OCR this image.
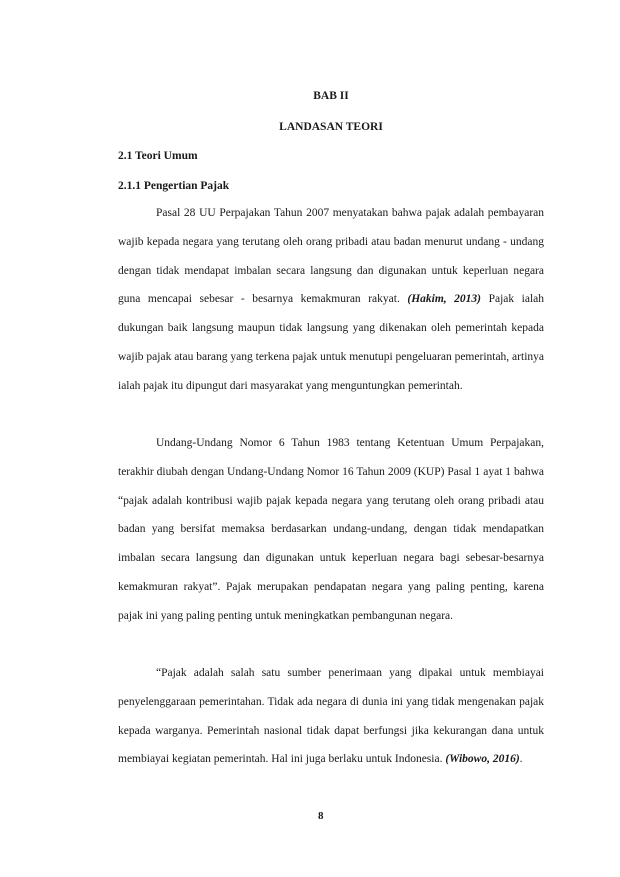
BAB II

LANDASAN TEORI

2.1 Teori Umum

2.1.1 Pengertian Pajak

Pasal 28 UU Perpajakan Tahun 2007 menyatakan bahwa pajak adalah pembayaran wajib kepada negara yang terutang oleh orang pribadi atau badan menurut undang - undang dengan tidak mendapat imbalan secara langsung dan digunakan untuk keperluan negara guna mencapai sebesar - besarnya kemakmuran rakyat. (Hakim, 2013) Pajak ialah dukungan baik langsung maupun tidak langsung yang dikenakan oleh pemerintah kepada wajib pajak atau barang yang terkena pajak untuk menutupi pengeluaran pemerintah, artinya ialah pajak itu dipungut dari masyarakat yang menguntungkan pemerintah.

Undang-Undang Nomor 6 Tahun 1983 tentang Ketentuan Umum Perpajakan, terakhir diubah dengan Undang-Undang Nomor 16 Tahun 2009 (KUP) Pasal 1 ayat 1 bahwa “pajak adalah kontribusi wajib pajak kepada negara yang terutang oleh orang pribadi atau badan yang bersifat memaksa berdasarkan undang-undang, dengan tidak mendapatkan imbalan secara langsung dan digunakan untuk keperluan negara bagi sebesar-besarnya kemakmuran rakyat”. Pajak merupakan pendapatan negara yang paling penting, karena pajak ini yang paling penting untuk meningkatkan pembangunan negara.

“Pajak adalah salah satu sumber penerimaan yang dipakai untuk membiayai penyelenggaraan pemerintahan. Tidak ada negara di dunia ini yang tidak mengenakan pajak kepada warganya. Pemerintah nasional tidak dapat berfungsi jika kekurangan dana untuk membiayai kegiatan pemerintah. Hal ini juga berlaku untuk Indonesia. (Wibowo, 2016).

8
